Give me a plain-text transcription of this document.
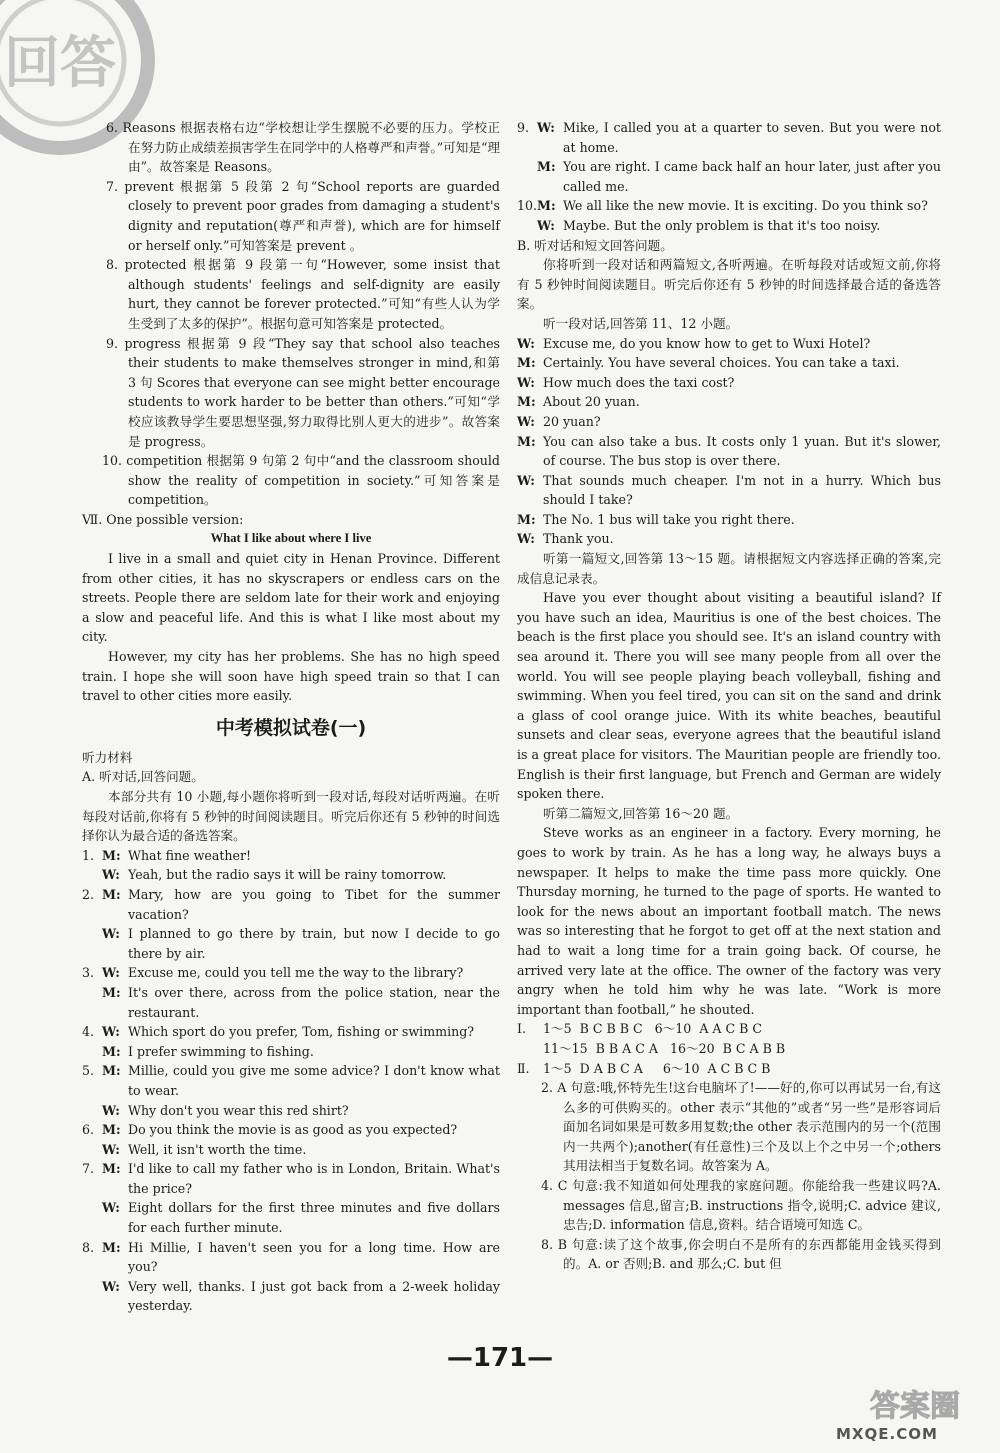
回答

6. Reasons 根据表格右边“学校想让学生摆脱不必要的压力。学校正在努力防止成绩差损害学生在同学中的人格尊严和声誉。”可知是“理由”。故答案是 Reasons。

7. prevent 根据第 5 段第 2 句“School reports are guarded closely to prevent poor grades from damaging a student's dignity and reputation(尊严和声誉), which are for himself or herself only.”可知答案是 prevent 。

8. protected 根据第 9 段第一句“However, some insist that although students' feelings and self-dignity are easily hurt, they cannot be forever protected.”可知“有些人认为学生受到了太多的保护”。根据句意可知答案是 protected。

9. progress 根据第 9 段“They say that school also teaches their students to make themselves stronger in mind,和第 3 句 Scores that everyone can see might better encourage students to work harder to be better than others.”可知“学校应该教导学生要思想坚强,努力取得比别人更大的进步”。故答案是 progress。

10. competition 根据第 9 句第 2 句中“and the classroom should show the reality of competition in society.”可知答案是 competition。

Ⅶ. One possible version:

What I like about where I live

I live in a small and quiet city in Henan Province. Different from other cities, it has no skyscrapers or endless cars on the streets. People there are seldom late for their work and enjoying a slow and peaceful life. And this is what I like most about my city.

However, my city has her problems. She has no high speed train. I hope she will soon have high speed train so that I can travel to other cities more easily.

中考模拟试卷(一)

听力材料

A. 听对话,回答问题。

本部分共有 10 小题,每小题你将听到一段对话,每段对话听两遍。在听每段对话前,你将有 5 秒钟的时间阅读题目。听完后你还有 5 秒钟的时间选择你认为最合适的备选答案。

1. M: What fine weather!
W: Yeah, but the radio says it will be rainy tomorrow.
2. M: Mary, how are you going to Tibet for the summer vacation?
W: I planned to go there by train, but now I decide to go there by air.
3. W: Excuse me, could you tell me the way to the library?
M: It's over there, across from the police station, near the restaurant.
4. W: Which sport do you prefer, Tom, fishing or swimming?
M: I prefer swimming to fishing.
5. M: Millie, could you give me some advice? I don't know what to wear.
W: Why don't you wear this red shirt?
6. M: Do you think the movie is as good as you expected?
W: Well, it isn't worth the time.
7. M: I'd like to call my father who is in London, Britain. What's the price?
W: Eight dollars for the first three minutes and five dollars for each further minute.
8. M: Hi Millie, I haven't seen you for a long time. How are you?
W: Very well, thanks. I just got back from a 2-week holiday yesterday.
9. W: Mike, I called you at a quarter to seven. But you were not at home.
M: You are right. I came back half an hour later, just after you called me.
10. M: We all like the new movie. It is exciting. Do you think so?
W: Maybe. But the only problem is that it's too noisy.

B. 听对话和短文回答问题。

你将听到一段对话和两篇短文,各听两遍。在听每段对话或短文前,你将有 5 秒钟时间阅读题目。听完后你还有 5 秒钟的时间选择最合适的备选答案。

听一段对话,回答第 11、12 小题。

W: Excuse me, do you know how to get to Wuxi Hotel?
M: Certainly. You have several choices. You can take a taxi.
W: How much does the taxi cost?
M: About 20 yuan.
W: 20 yuan?
M: You can also take a bus. It costs only 1 yuan. But it's slower, of course. The bus stop is over there.
W: That sounds much cheaper. I'm not in a hurry. Which bus should I take?
M: The No. 1 bus will take you right there.
W: Thank you.

听第一篇短文,回答第 13～15 题。请根据短文内容选择正确的答案,完成信息记录表。

Have you ever thought about visiting a beautiful island? If you have such an idea, Mauritius is one of the best choices. The beach is the first place you should see. It's an island country with sea around it. There you will see many people from all over the world. You will see people playing beach volleyball, fishing and swimming. When you feel tired, you can sit on the sand and drink a glass of cool orange juice. With its white beaches, beautiful sunsets and clear seas, everyone agrees that the beautiful island is a great place for visitors. The Mauritian people are friendly too. English is their first language, but French and German are widely spoken there.

听第二篇短文,回答第 16～20 题。

Steve works as an engineer in a factory. Every morning, he goes to work by train. As he has a long way, he always buys a newspaper. It helps to make the time pass more quickly. One Thursday morning, he turned to the page of sports. He wanted to look for the news about an important football match. The news was so interesting that he forgot to get off at the next station and had to wait a long time for a train going back. Of course, he arrived very late at the office. The owner of the factory was very angry when he told him why he was late. “Work is more important than football,” he shouted.

Ⅰ. 1～5  B C B B C   6～10  A A C B C
11～15  B B A C A   16～20  B C A B B
Ⅱ. 1～5  D A B C A     6～10  A C B C B

2. A 句意:哦,怀特先生!这台电脑坏了!——好的,你可以再试另一台,有这么多的可供购买的。other 表示“其他的”或者“另一些”是形容词后面加名词如果是可数多用复数;the other 表示范围内的另一个(范围内一共两个);another(有任意性)三个及以上个之中另一个;others 其用法相当于复数名词。故答案为 A。

4. C 句意:我不知道如何处理我的家庭问题。你能给我一些建议吗?A. messages 信息,留言;B. instructions 指令,说明;C. advice 建议,忠告;D. information 信息,资料。结合语境可知选 C。

8. B 句意:读了这个故事,你会明白不是所有的东西都能用金钱买得到的。A. or 否则;B. and 那么;C. but 但

—171—
答案圈
MXQE.COM
